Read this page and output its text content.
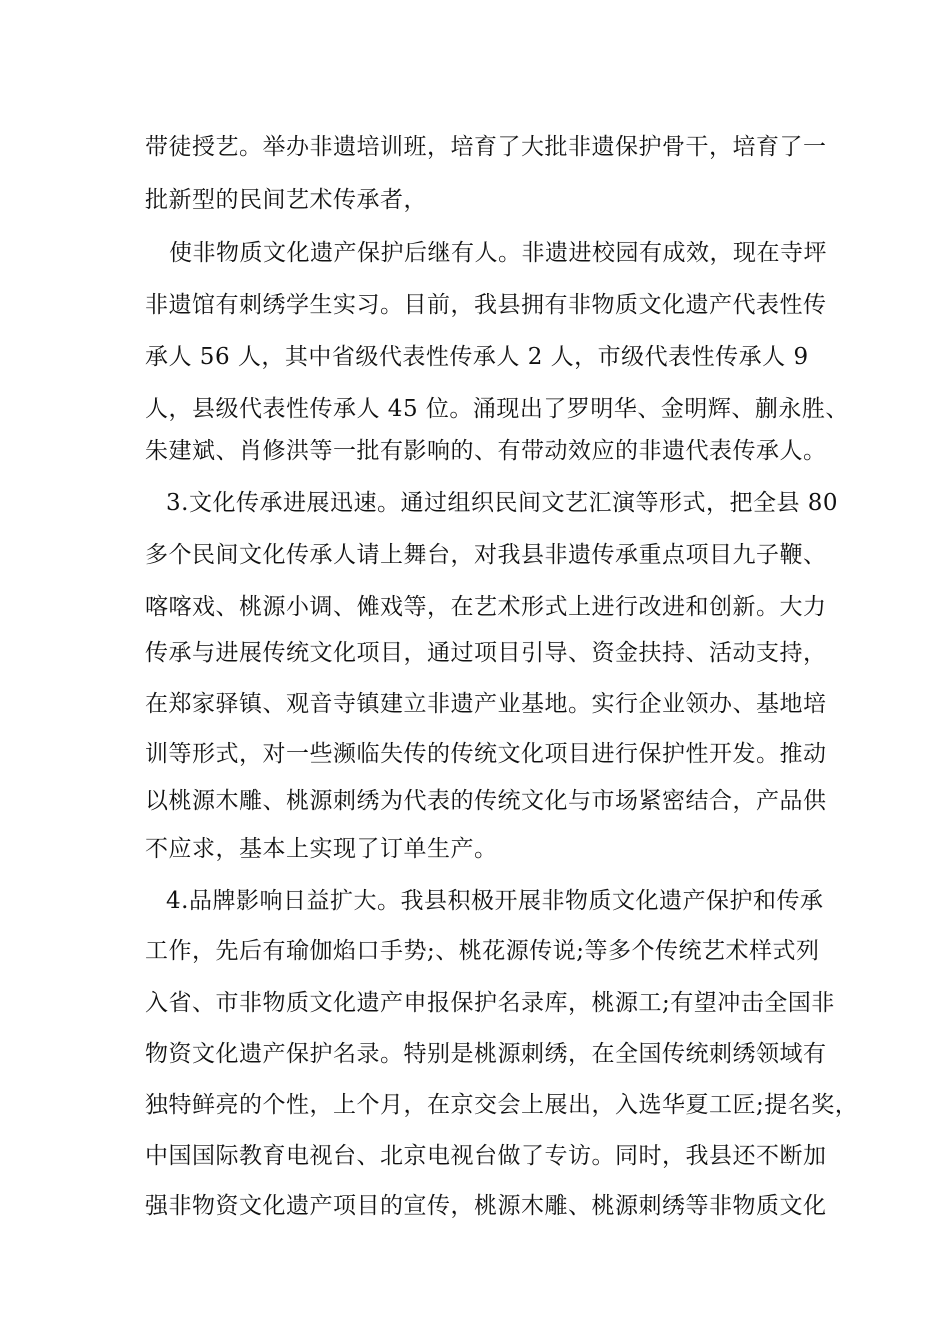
带徒授艺。举办非遗培训班，培育了大批非遗保护骨干，培育了一
批新型的民间艺术传承者，
使非物质文化遗产保护后继有人。非遗进校园有成效，现在寺坪
非遗馆有刺绣学生实习。目前，我县拥有非物质文化遗产代表性传
承人 56 人，其中省级代表性传承人 2 人，市级代表性传承人 9
人，县级代表性传承人 45 位。涌现出了罗明华、金明辉、蒯永胜、
朱建斌、肖修洪等一批有影响的、有带动效应的非遗代表传承人。
3.文化传承进展迅速。通过组织民间文艺汇演等形式，把全县 80
多个民间文化传承人请上舞台，对我县非遗传承重点项目九子鞭、
喀喀戏、桃源小调、傩戏等，在艺术形式上进行改进和创新。大力
传承与进展传统文化项目，通过项目引导、资金扶持、活动支持，
在郑家驿镇、观音寺镇建立非遗产业基地。实行企业领办、基地培
训等形式，对一些濒临失传的传统文化项目进行保护性开发。推动
以桃源木雕、桃源刺绣为代表的传统文化与市场紧密结合，产品供
不应求，基本上实现了订单生产。
4.品牌影响日益扩大。我县积极开展非物质文化遗产保护和传承
工作，先后有瑜伽焰口手势;、桃花源传说;等多个传统艺术样式列
入省、市非物质文化遗产申报保护名录库，桃源工;有望冲击全国非
物资文化遗产保护名录。特别是桃源刺绣，在全国传统刺绣领域有
独特鲜亮的个性，上个月，在京交会上展出，入选华夏工匠;提名奖，
中国国际教育电视台、北京电视台做了专访。同时，我县还不断加
强非物资文化遗产项目的宣传，桃源木雕、桃源刺绣等非物质文化
